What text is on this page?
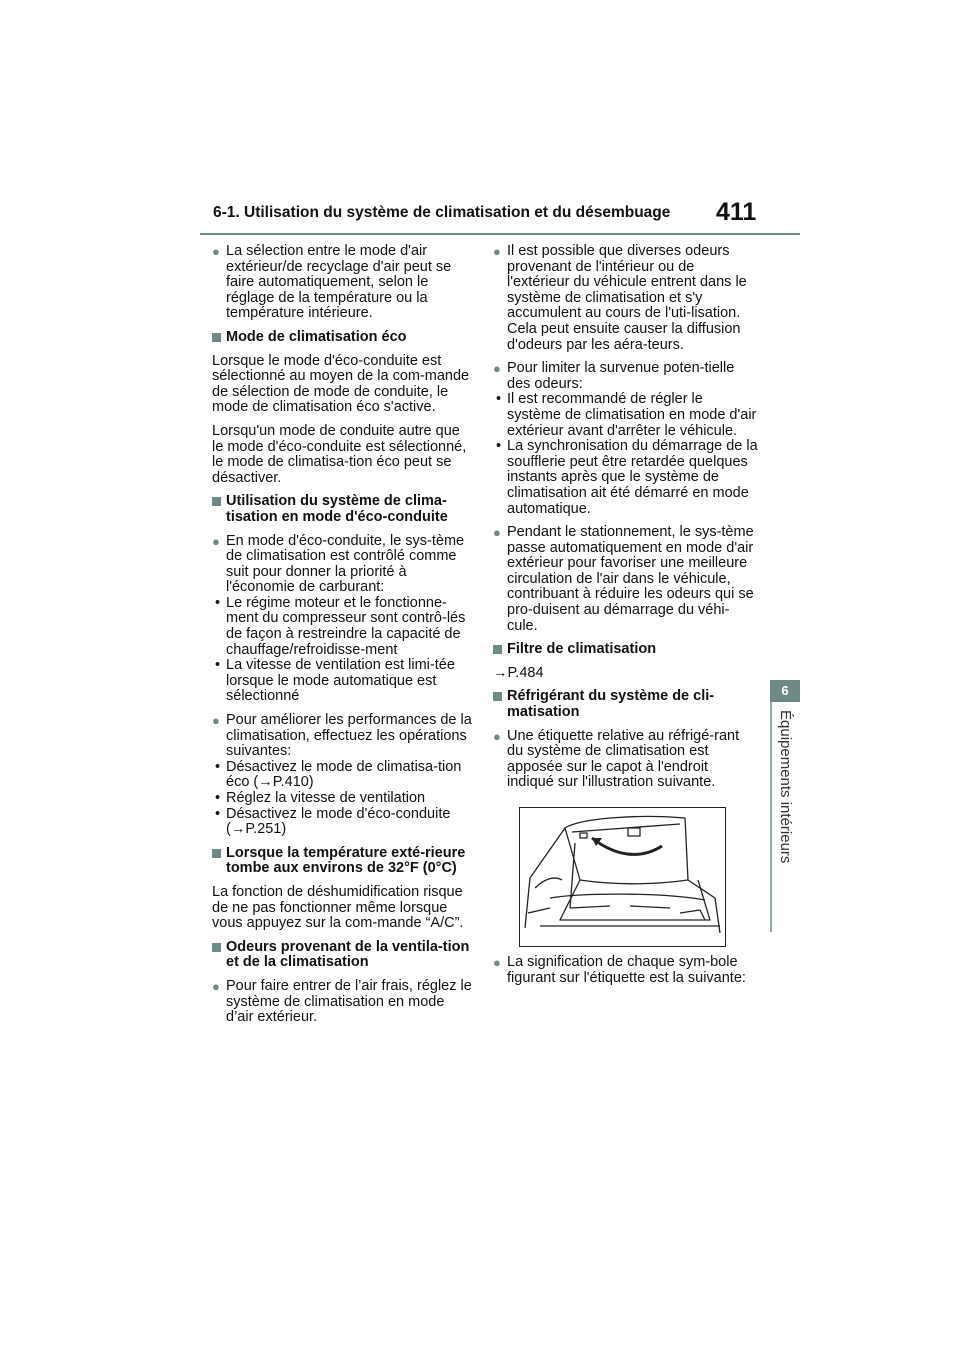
6-1. Utilisation du système de climatisation et du désembuage 411
6
Équipements intérieurs
● La sélection entre le mode d'air extérieur/de recyclage d'air peut se faire automatiquement, selon le réglage de la température ou la température intérieure.
Mode de climatisation éco
Lorsque le mode d'éco-conduite est sélectionné au moyen de la com-mande de sélection de mode de conduite, le mode de climatisation éco s'active.
Lorsqu'un mode de conduite autre que le mode d'éco-conduite est sélectionné, le mode de climatisa-tion éco peut se désactiver.
Utilisation du système de clima-tisation en mode d'éco-conduite
● En mode d'éco-conduite, le sys-tème de climatisation est contrôlé comme suit pour donner la priorité à l'économie de carburant:
• Le régime moteur et le fonctionne-ment du compresseur sont contrô-lés de façon à restreindre la capacité de chauffage/refroidisse-ment
• La vitesse de ventilation est limi-tée lorsque le mode automatique est sélectionné
● Pour améliorer les performances de la climatisation, effectuez les opérations suivantes:
• Désactivez le mode de climatisa-tion éco (→P.410)
• Réglez la vitesse de ventilation
• Désactivez le mode d'éco-conduite (→P.251)
Lorsque la température exté-rieure tombe aux environs de 32°F (0°C)
La fonction de déshumidification risque de ne pas fonctionner même lorsque vous appuyez sur la com-mande “A/C”.
Odeurs provenant de la ventila-tion et de la climatisation
● Pour faire entrer de l’air frais, réglez le système de climatisation en mode d’air extérieur.
● Il est possible que diverses odeurs provenant de l'intérieur ou de l'extérieur du véhicule entrent dans le système de climatisation et s'y accumulent au cours de l'uti-lisation. Cela peut ensuite causer la diffusion d'odeurs par les aéra-teurs.
● Pour limiter la survenue poten-tielle des odeurs:
• Il est recommandé de régler le système de climatisation en mode d'air extérieur avant d'arrêter le véhicule.
• La synchronisation du démarrage de la soufflerie peut être retardée quelques instants après que le système de climatisation ait été démarré en mode automatique.
● Pendant le stationnement, le sys-tème passe automatiquement en mode d'air extérieur pour favoriser une meilleure circulation de l'air dans le véhicule, contribuant à réduire les odeurs qui se pro-duisent au démarrage du véhi-cule.
Filtre de climatisation
→P.484
Réfrigérant du système de cli-matisation
● Une étiquette relative au réfrigé-rant du système de climatisation est apposée sur le capot à l'endroit indiqué sur l'illustration suivante.
● La signification de chaque sym-bole figurant sur l'étiquette est la suivante:
